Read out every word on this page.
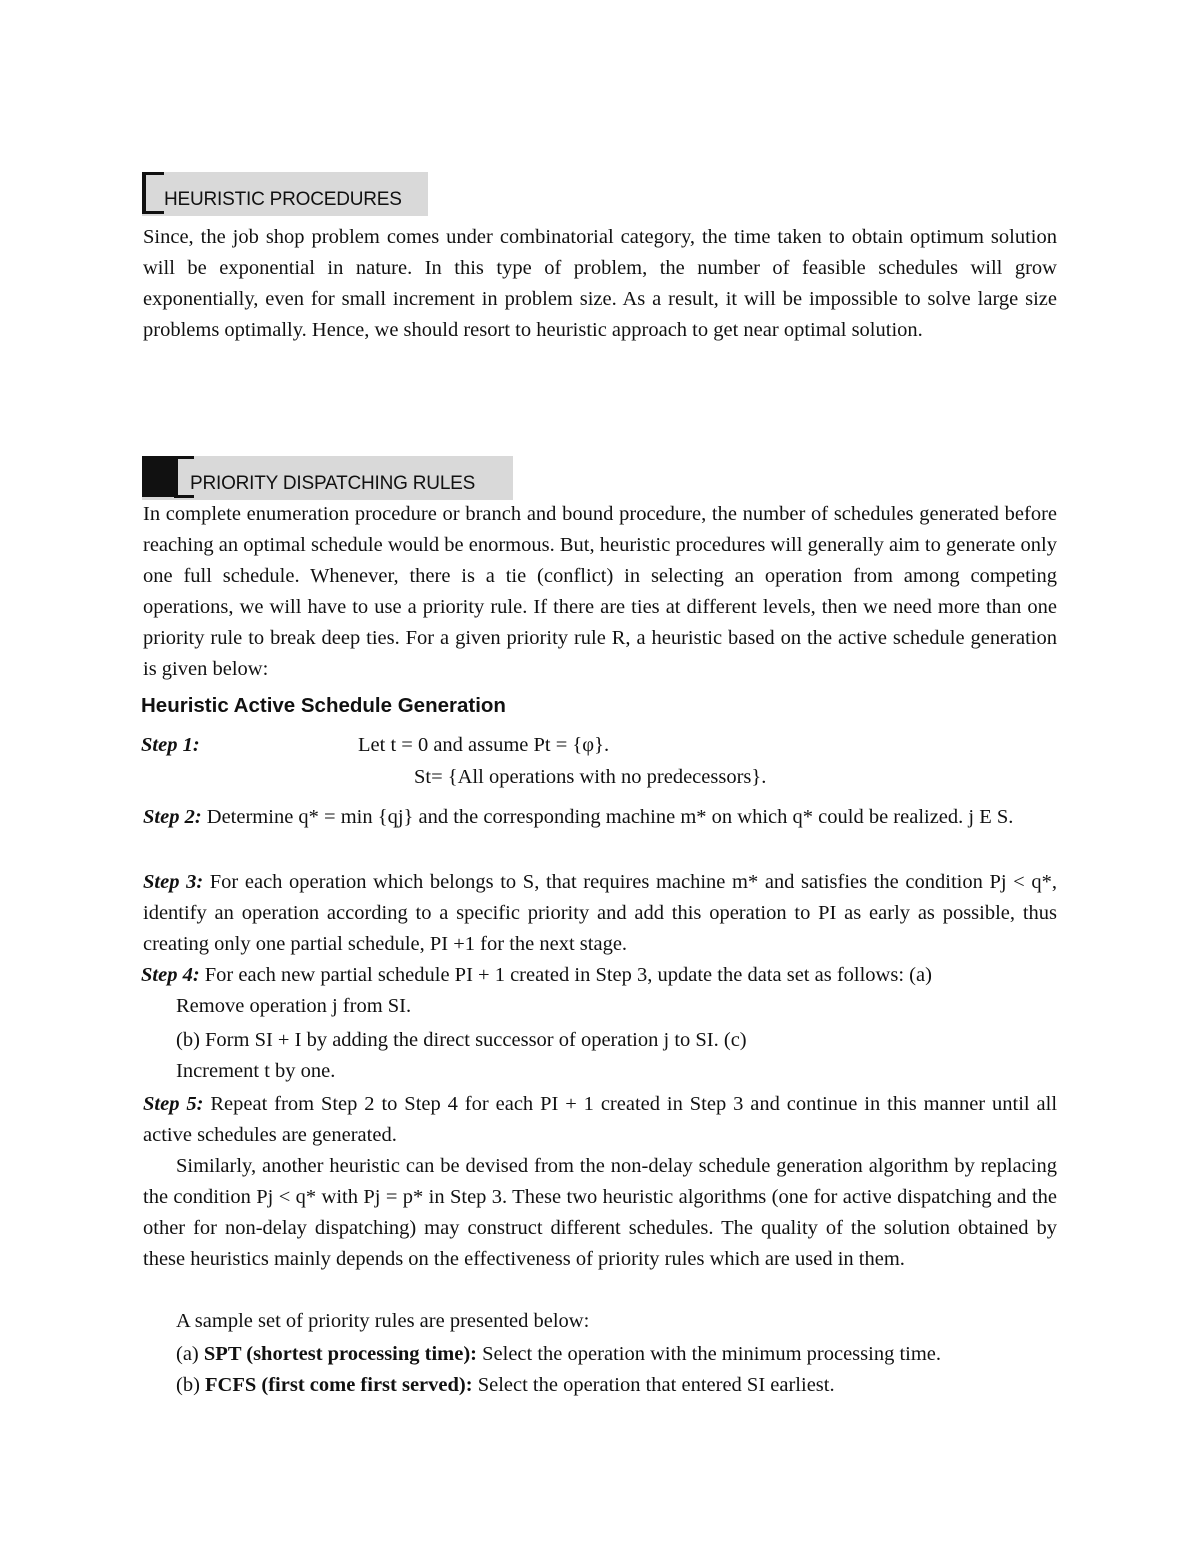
HEURISTIC PROCEDURES

Since, the job shop problem comes under combinatorial category, the time taken to obtain optimum solution will be exponential in nature. In this type of problem, the number of feasible schedules will grow exponentially, even for small increment in problem size. As a result, it will be impossible to solve large size problems optimally. Hence, we should resort to heuristic approach to get near optimal solution.

PRIORITY DISPATCHING RULES

In complete enumeration procedure or branch and bound procedure, the number of schedules generated before reaching an optimal schedule would be enormous. But, heuristic procedures will generally aim to generate only one full schedule. Whenever, there is a tie (conflict) in selecting an operation from among competing operations, we will have to use a priority rule. If there are ties at different levels, then we need more than one priority rule to break deep ties. For a given priority rule R, a heuristic based on the active schedule generation is given below:

Heuristic Active Schedule Generation
Step 1:	Let t = 0 and assume Pt = {φ}.
St= {All operations with no predecessors}.

Step 2: Determine q* = min {qj} and the corresponding machine m* on which q* could be realized. j E S.

Step 3: For each operation which belongs to S, that requires machine m* and satisfies the condition Pj < q*, identify an operation according to a specific priority and add this operation to PI as early as possible, thus creating only one partial schedule, PI +1 for the next stage.

Step 4: For each new partial schedule PI + 1 created in Step 3, update the data set as follows: (a)
Remove operation j from SI.
(b) Form SI + I by adding the direct successor of operation j to SI. (c)
Increment t by one.

Step 5: Repeat from Step 2 to Step 4 for each PI + 1 created in Step 3 and continue in this manner until all active schedules are generated.

Similarly, another heuristic can be devised from the non-delay schedule generation algorithm by replacing the condition Pj < q* with Pj = p* in Step 3. These two heuristic algorithms (one for active dispatching and the other for non-delay dispatching) may construct different schedules. The quality of the solution obtained by these heuristics mainly depends on the effectiveness of priority rules which are used in them.

A sample set of priority rules are presented below:
(a) SPT (shortest processing time): Select the operation with the minimum processing time.
(b) FCFS (first come first served): Select the operation that entered SI earliest.
